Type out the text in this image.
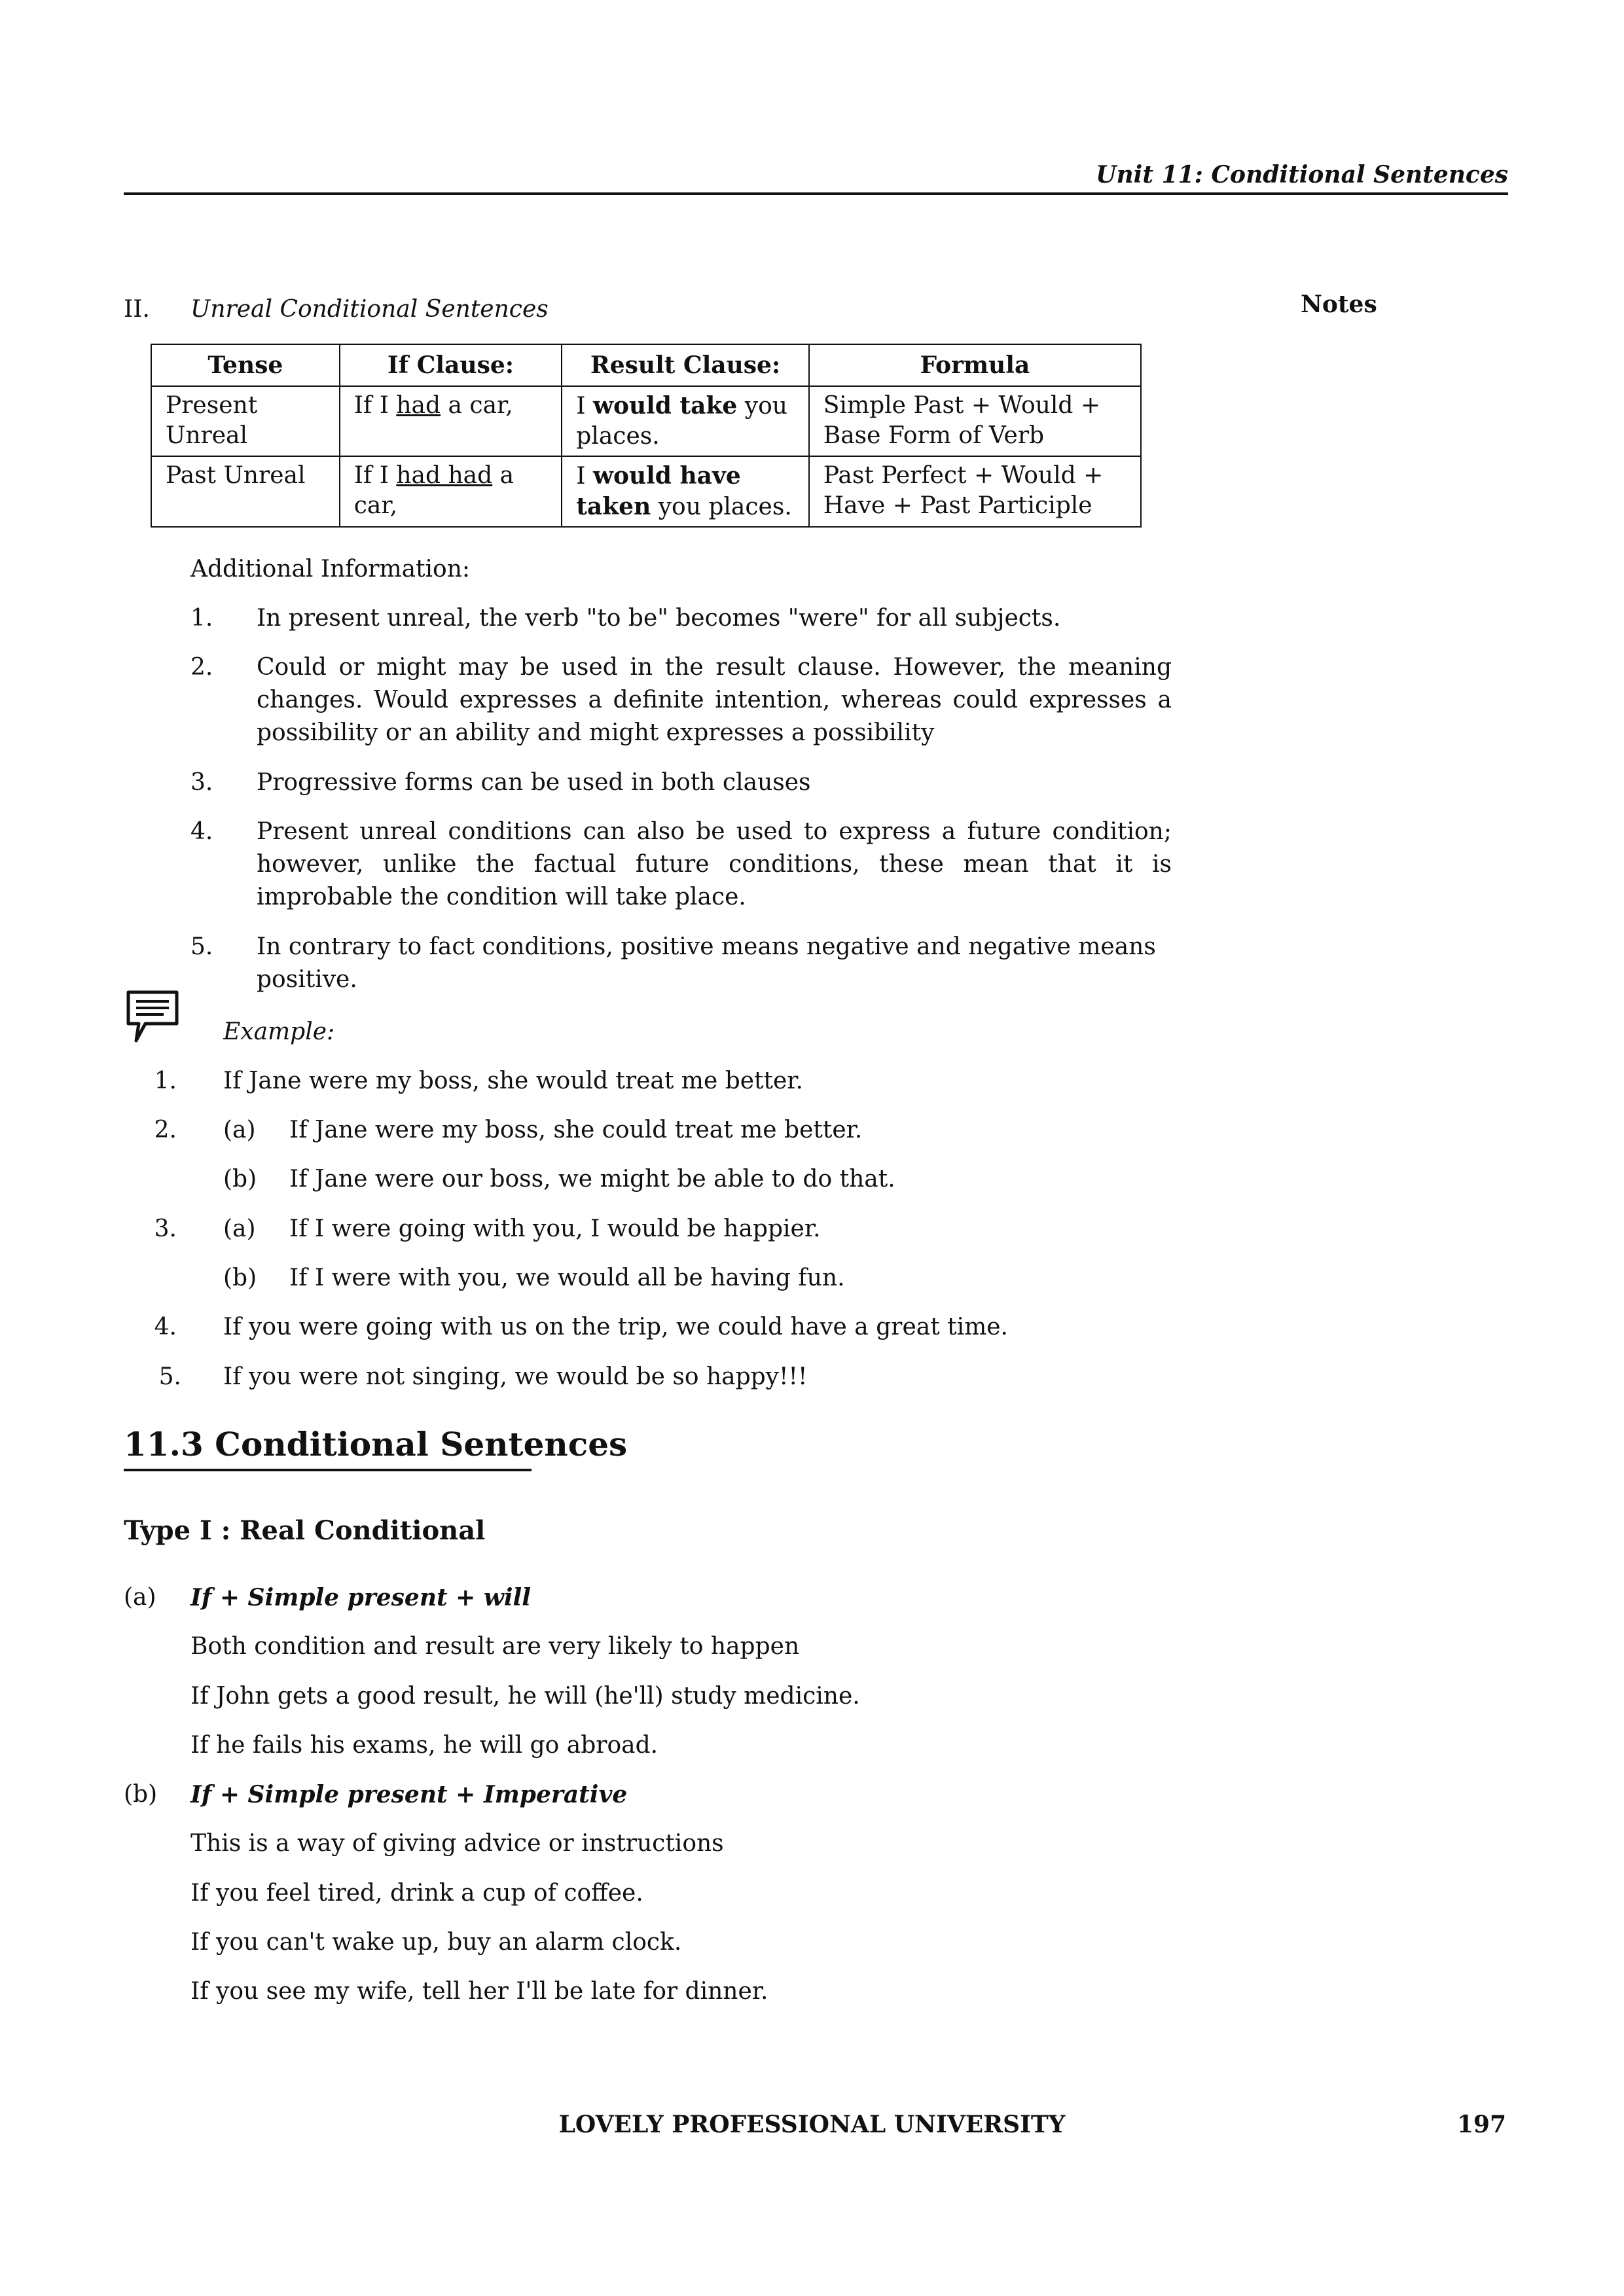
Unit 11: Conditional Sentences
II. Unreal Conditional Sentences	Notes
Tense	If Clause:	Result Clause:	Formula
Present Unreal	If I had a car,	I would take you places.	Simple Past + Would + Base Form of Verb
Past Unreal	If I had had a car,	I would have taken you places.	Past Perfect + Would + Have + Past Participle
Additional Information:
1. In present unreal, the verb "to be" becomes "were" for all subjects.
2. Could or might may be used in the result clause. However, the meaning changes. Would expresses a definite intention, whereas could expresses a possibility or an ability and might expresses a possibility
3. Progressive forms can be used in both clauses
4. Present unreal conditions can also be used to express a future condition; however, unlike the factual future conditions, these mean that it is improbable the condition will take place.
5. In contrary to fact conditions, positive means negative and negative means positive.
Example:
1. If Jane were my boss, she would treat me better.
2. (a) If Jane were my boss, she could treat me better.
(b) If Jane were our boss, we might be able to do that.
3. (a) If I were going with you, I would be happier.
(b) If I were with you, we would all be having fun.
4. If you were going with us on the trip, we could have a great time.
5. If you were not singing, we would be so happy!!!
11.3 Conditional Sentences
Type I : Real Conditional
(a) If + Simple present + will
Both condition and result are very likely to happen
If John gets a good result, he will (he'll) study medicine.
If he fails his exams, he will go abroad.
(b) If + Simple present + Imperative
This is a way of giving advice or instructions
If you feel tired, drink a cup of coffee.
If you can't wake up, buy an alarm clock.
If you see my wife, tell her I'll be late for dinner.
LOVELY PROFESSIONAL UNIVERSITY	197
